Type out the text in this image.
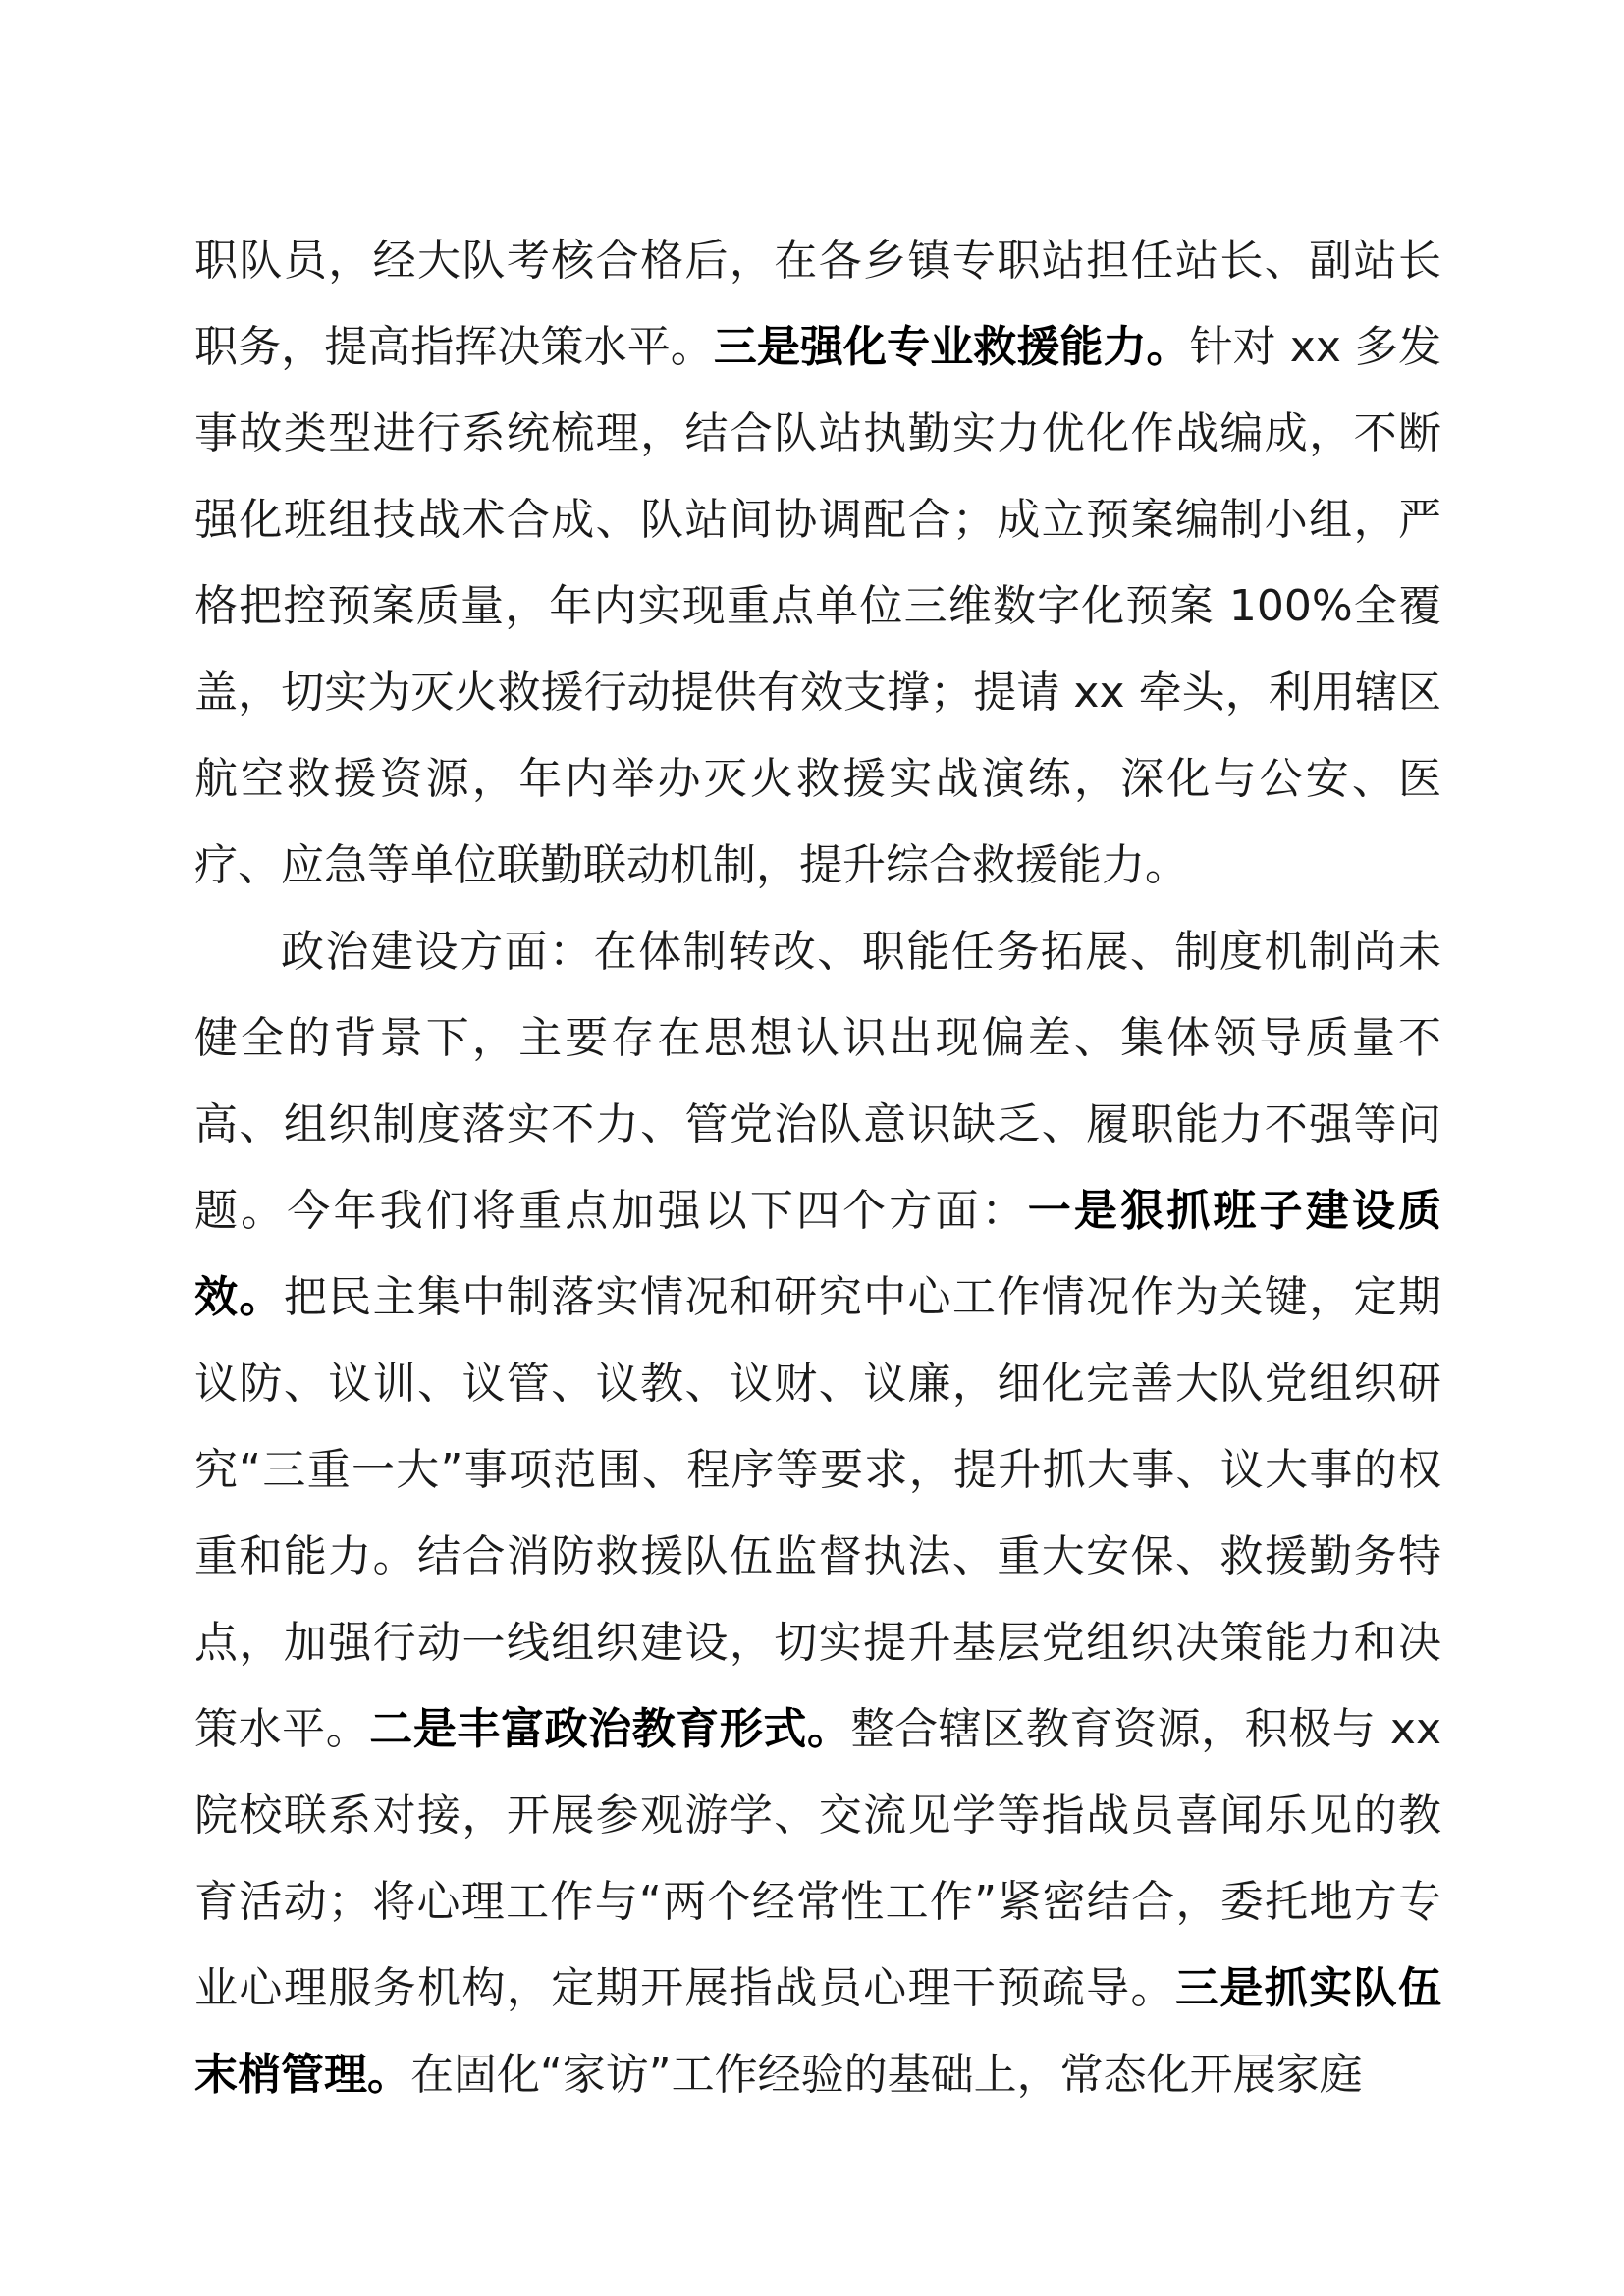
职队员，经大队考核合格后，在各乡镇专职站担任站长、副站长职务，提高指挥决策水平。三是强化专业救援能力。针对 xx 多发事故类型进行系统梳理，结合队站执勤实力优化作战编成，不断强化班组技战术合成、队站间协调配合；成立预案编制小组，严格把控预案质量，年内实现重点单位三维数字化预案 100%全覆盖，切实为灭火救援行动提供有效支撑；提请 xx 牵头，利用辖区航空救援资源，年内举办灭火救援实战演练，深化与公安、医疗、应急等单位联勤联动机制，提升综合救援能力。

政治建设方面：在体制转改、职能任务拓展、制度机制尚未健全的背景下，主要存在思想认识出现偏差、集体领导质量不高、组织制度落实不力、管党治队意识缺乏、履职能力不强等问题。今年我们将重点加强以下四个方面：一是狠抓班子建设质效。把民主集中制落实情况和研究中心工作情况作为关键，定期议防、议训、议管、议教、议财、议廉，细化完善大队党组织研究“三重一大”事项范围、程序等要求，提升抓大事、议大事的权重和能力。结合消防救援队伍监督执法、重大安保、救援勤务特点，加强行动一线组织建设，切实提升基层党组织决策能力和决策水平。二是丰富政治教育形式。整合辖区教育资源，积极与 xx 院校联系对接，开展参观游学、交流见学等指战员喜闻乐见的教育活动；将心理工作与“两个经常性工作”紧密结合，委托地方专业心理服务机构，定期开展指战员心理干预疏导。三是抓实队伍末梢管理。在固化“家访”工作经验的基础上，常态化开展家庭
